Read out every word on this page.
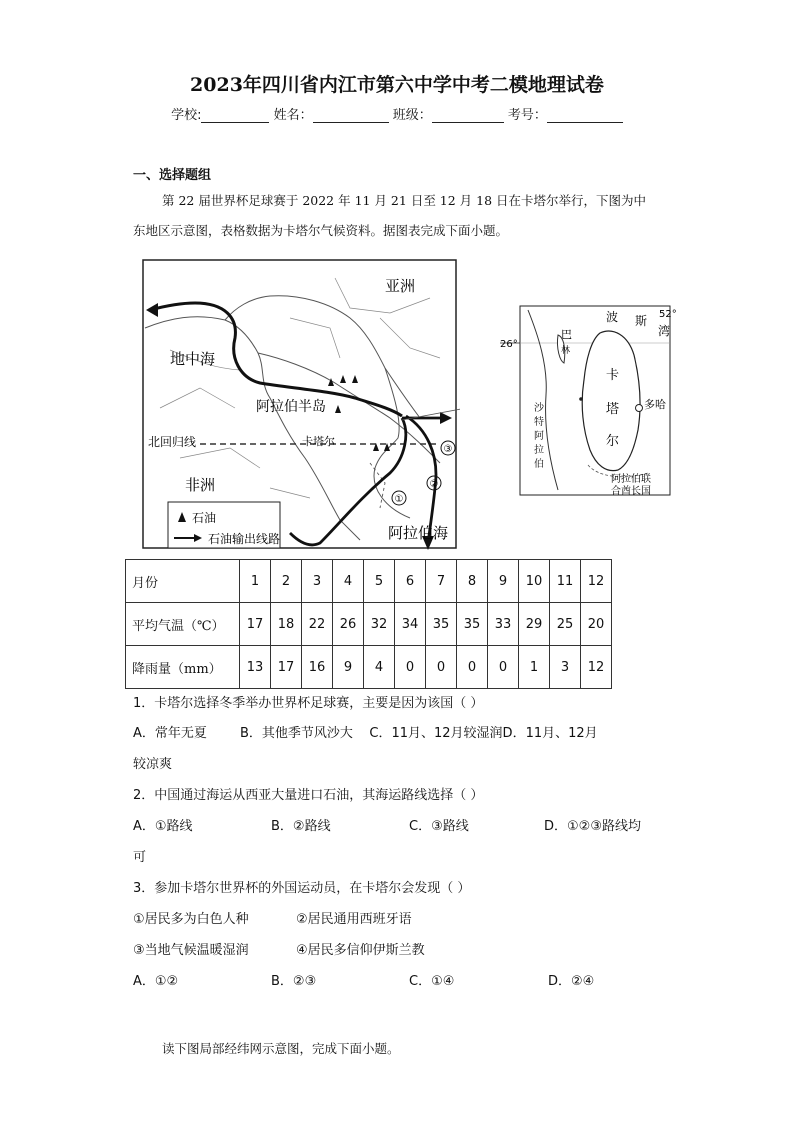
2023年四川省内江市第六中学中考二模地理试卷
学校:	姓名：	班级：	考号：
一、选择题组
第 22 届世界杯足球赛于 2022 年 11 月 21 日至 12 月 18 日在卡塔尔举行，下图为中
东地区示意图，表格数据为卡塔尔气候资料。据图表完成下面小题。
亚洲
地中海
阿拉伯半岛
卡塔尔
北回归线
非洲
阿拉伯海
①
②
③
石油
石油输出线路
52°
26°
波 斯
湾
巴
林
卡
塔
尔
多哈
阿拉伯联
合酋长国
沙特阿拉伯
月份	1	2	3	4	5	6	7	8	9	10	11	12
平均气温（℃）	17	18	22	26	32	34	35	35	33	29	25	20
降雨量（mm）	13	17	16	9	4	0	0	0	0	1	3	12
1．卡塔尔选择冬季举办世界杯足球赛，主要是因为该国（ ）
A．常年无夏        B．其他季节风沙大    C．11月、12月较湿润D．11月、12月
较凉爽
2．中国通过海运从西亚大量进口石油，其海运路线选择（ ）
A．①路线	B．②路线	C．③路线	D．①②③路线均
可
3．参加卡塔尔世界杯的外国运动员，在卡塔尔会发现（ ）
①居民多为白色人种	②居民通用西班牙语
③当地气候温暖湿润	④居民多信仰伊斯兰教
A．①②	B．②③	C．①④	D．②④
读下图局部经纬网示意图，完成下面小题。
